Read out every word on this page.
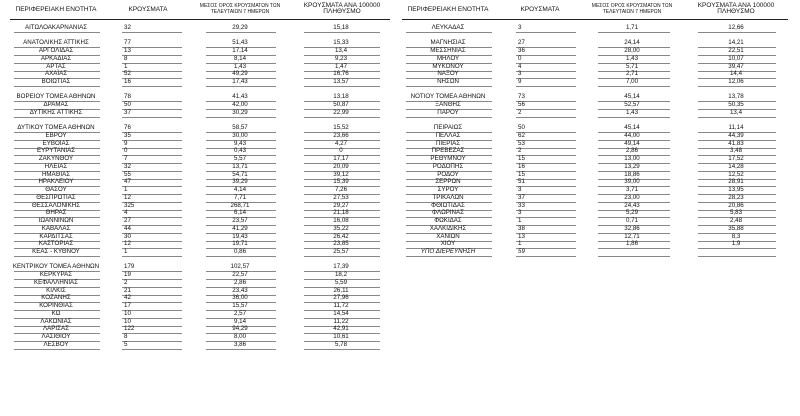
ΠΕΡΙΦΕΡΕΙΑΚΗ ΕΝΟΤΗΤΑ	ΚΡΟΥΣΜΑΤΑ	ΜΕΣΟΣ ΟΡΟΣ ΚΡΟΥΣΜΑΤΩΝ ΤΩΝ
ΤΕΛΕΥΤΑΙΩΝ 7 ΗΜΕΡΩΝ
ΚΡΟΥΣΜΑΤΑ ΑΝΑ 100000
ΠΛΗΘΥΣΜΟ
ΑΙΤΩΛΟΑΚΑΡΝΑΝΙΑΣ	32	29,29	15,18
ΑΝΑΤΟΛΙΚΗΣ ΑΤΤΙΚΗΣ	77	51,43	15,33
ΑΡΓΟΛΙΔΑΣ	13	17,14	13,4
ΑΡΚΑΔΙΑΣ	8	8,14	9,23
ΑΡΤΑΣ	1	1,43	1,47
ΑΧΑΪΑΣ	52	49,29	16,76
ΒΟΙΩΤΙΑΣ	16	17,43	13,57
ΒΟΡΕΙΟΥ ΤΟΜΕΑ ΑΘΗΝΩΝ	78	41,43	13,18
ΔΡΑΜΑΣ	50	42,00	50,87
ΔΥΤΙΚΗΣ ΑΤΤΙΚΗΣ	37	30,29	22,99
ΔΥΤΙΚΟΥ ΤΟΜΕΑ ΑΘΗΝΩΝ	76	58,57	15,52
ΕΒΡΟΥ	35	30,00	23,66
ΕΥΒΟΙΑΣ	9	9,43	4,27
ΕΥΡΥΤΑΝΙΑΣ	0	0,43	0
ΖΑΚΥΝΘΟΥ	7	5,57	17,17
ΗΛΕΙΑΣ	32	13,71	20,09
ΗΜΑΘΙΑΣ	55	54,71	39,12
ΗΡΑΚΛΕΙΟΥ	47	39,29	15,39
ΘΑΣΟΥ	1	4,14	7,26
ΘΕΣΠΡΩΤΙΑΣ	12	7,71	27,53
ΘΕΣΣΑΛΟΝΙΚΗΣ	325	268,71	29,27
ΘΗΡΑΣ	4	6,14	21,18
ΙΩΑΝΝΙΝΩΝ	27	23,57	16,08
ΚΑΒΑΛΑΣ	44	41,29	35,22
ΚΑΡΔΙΤΣΑΣ	30	19,43	26,42
ΚΑΣΤΟΡΙΑΣ	12	19,71	23,85
ΚΕΑΣ - ΚΥΘΝΟΥ	1	0,86	25,57
ΚΕΝΤΡΙΚΟΥ ΤΟΜΕΑ ΑΘΗΝΩΝ	179	102,57	17,39
ΚΕΡΚΥΡΑΣ	19	22,57	18,2
ΚΕΦΑΛΛΗΝΙΑΣ	2	2,86	5,59
ΚΙΛΚΙΣ	21	23,43	26,11
ΚΟΖΑΝΗΣ	42	36,00	27,96
ΚΟΡΙΝΘΙΑΣ	17	15,57	11,72
ΚΩ	10	2,57	14,54
ΛΑΚΩΝΙΑΣ	10	9,14	11,22
ΛΑΡΙΣΑΣ	122	94,29	42,91
ΛΑΣΙΘΙΟΥ	8	8,00	10,61
ΛΕΣΒΟΥ	5	3,86	5,78
ΠΕΡΙΦΕΡΕΙΑΚΗ ΕΝΟΤΗΤΑ	ΚΡΟΥΣΜΑΤΑ	ΜΕΣΟΣ ΟΡΟΣ ΚΡΟΥΣΜΑΤΩΝ ΤΩΝ
ΤΕΛΕΥΤΑΙΩΝ 7 ΗΜΕΡΩΝ
ΚΡΟΥΣΜΑΤΑ ΑΝΑ 100000
ΠΛΗΘΥΣΜΟ
ΛΕΥΚΑΔΑΣ	3	1,71	12,66
ΜΑΓΝΗΣΙΑΣ	27	24,14	14,21
ΜΕΣΣΗΝΙΑΣ	36	28,00	22,51
ΜΗΛΟΥ	0	1,43	10,07
ΜΥΚΟΝΟΥ	4	5,71	39,47
ΝΑΞΟΥ	3	2,71	14,4
ΝΗΣΩΝ	9	7,00	12,06
ΝΟΤΙΟΥ ΤΟΜΕΑ ΑΘΗΝΩΝ	73	45,14	13,78
ΞΑΝΘΗΣ	56	52,57	50,35
ΠΑΡΟΥ	2	1,43	13,4
ΠΕΙΡΑΙΩΣ	50	45,14	11,14
ΠΕΛΛΑΣ	62	44,00	44,39
ΠΙΕΡΙΑΣ	53	49,14	41,83
ΠΡΕΒΕΖΑΣ	2	2,86	3,48
ΡΕΘΥΜΝΟΥ	15	13,00	17,52
ΡΟΔΟΠΗΣ	16	13,29	14,28
ΡΟΔΟΥ	15	18,86	12,52
ΣΕΡΡΩΝ	51	39,00	28,91
ΣΥΡΟΥ	3	3,71	13,95
ΤΡΙΚΑΛΩΝ	37	23,00	28,23
ΦΘΙΩΤΙΔΑΣ	33	24,43	20,86
ΦΛΩΡΙΝΑΣ	3	5,29	5,83
ΦΩΚΙΔΑΣ	1	0,71	2,48
ΧΑΛΚΙΔΙΚΗΣ	38	32,86	35,88
ΧΑΝΙΩΝ	13	12,71	8,3
ΧΙΟΥ	1	1,86	1,9
ΥΠΟ ΔΙΕΡΕΥΝΗΣΗ	59
